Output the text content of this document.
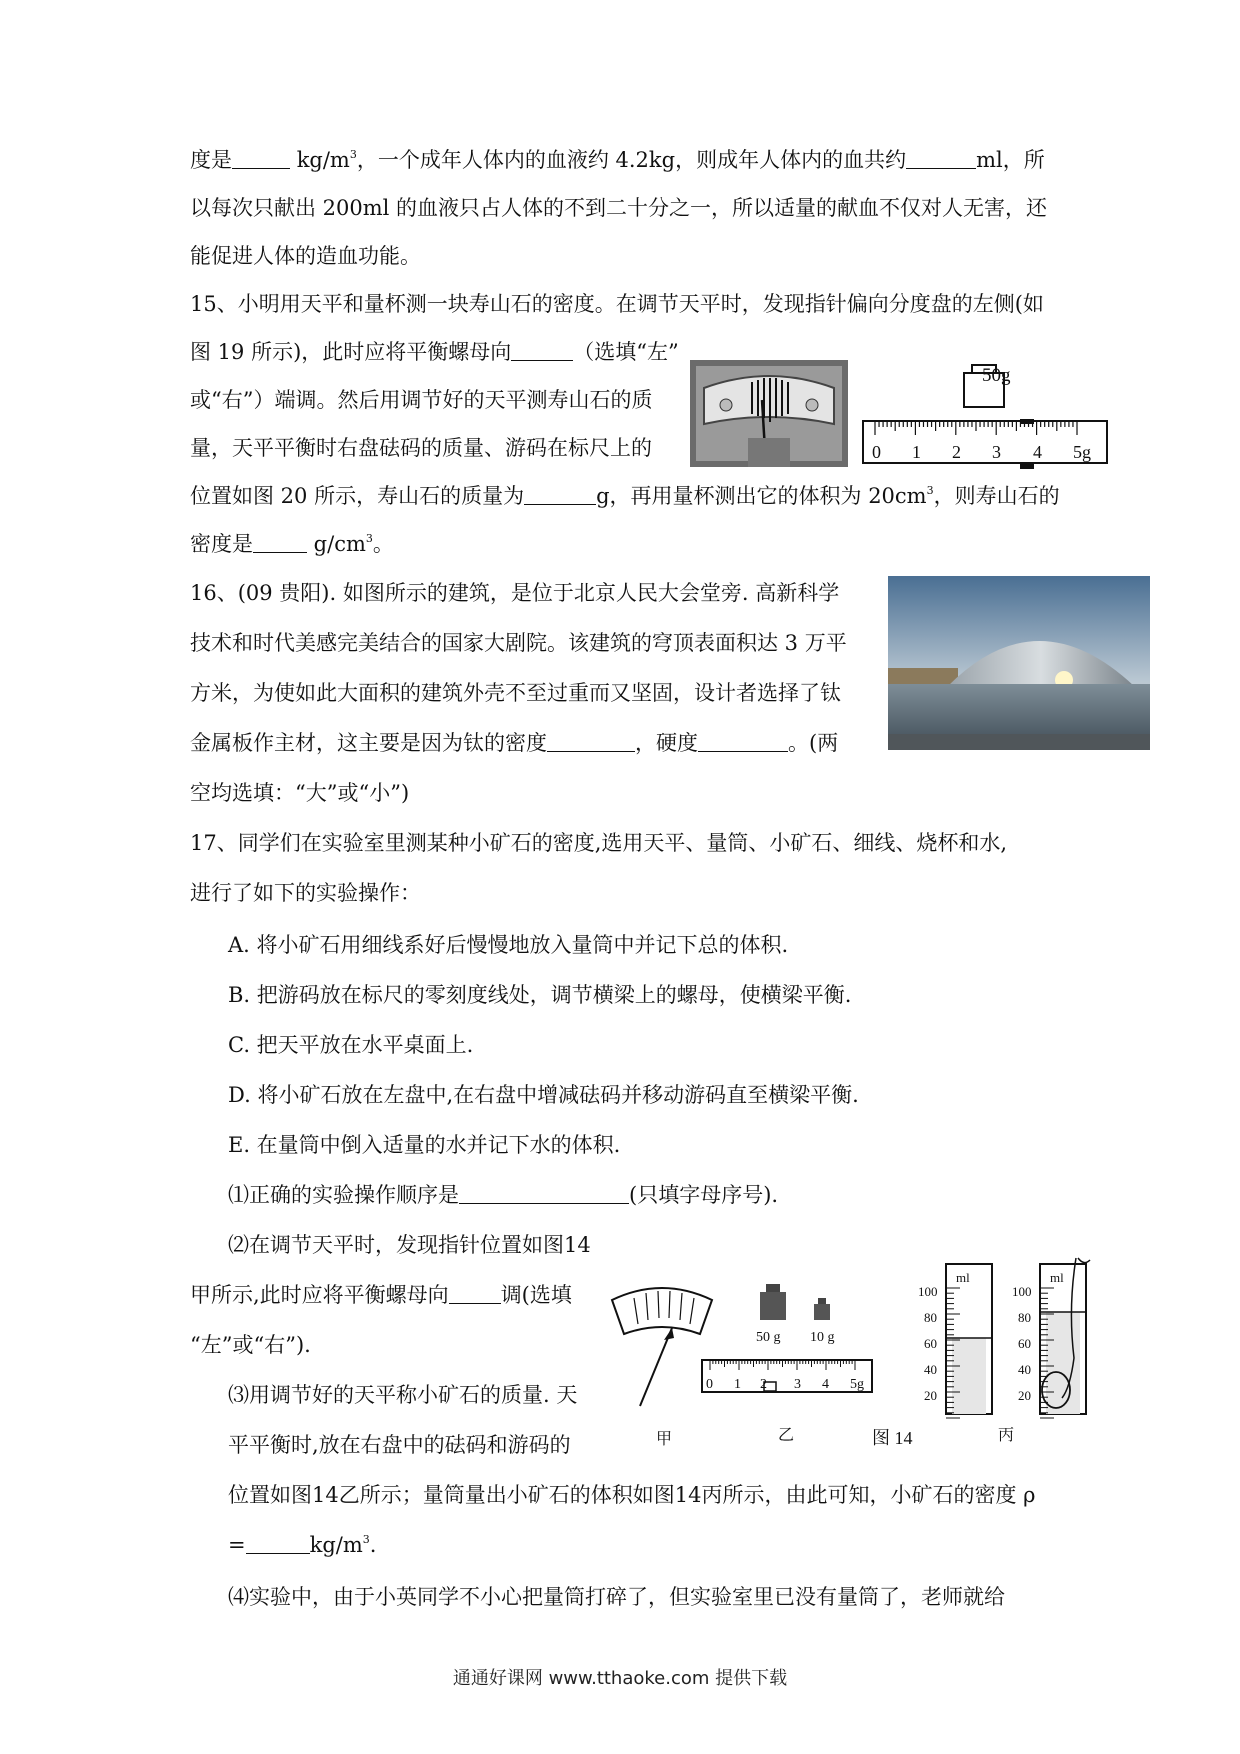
度是	$kg/m^3$，一个成年人体内的血液约 4.2kg，则成年人体内的血共约	ml，所
以每次只献出 200ml 的血液只占人体的不到二十分之一，所以适量的献血不仅对人无害，还
能促进人体的造血功能。
15、小明用天平和量杯测一块寿山石的密度。在调节天平时，发现指针偏向分度盘的左侧(如
图 19 所示)，此时应将平衡螺母向	（选填“左”
或“右”）端调。然后用调节好的天平测寿山石的质
量，天平平衡时右盘砝码的质量、游码在标尺上的
位置如图 20 所示，寿山石的质量为	g，再用量杯测出它的体积为 $20cm^3$，则寿山石的
密度是	$g/cm^3$。
50g
0 1 2 3 4 5g
16、(09 贵阳). 如图所示的建筑，是位于北京人民大会堂旁. 高新科学
技术和时代美感完美结合的国家大剧院。该建筑的穹顶表面积达 3 万平
方米，为使如此大面积的建筑外壳不至过重而又坚固，设计者选择了钛
金属板作主材，这主要是因为钛的密度	，硬度	。(两
空均选填：“大”或“小”)
17、同学们在实验室里测某种小矿石的密度,选用天平、量筒、小矿石、细线、烧杯和水,
进行了如下的实验操作：
A. 将小矿石用细线系好后慢慢地放入量筒中并记下总的体积.
B. 把游码放在标尺的零刻度线处，调节横梁上的螺母，使横梁平衡.
C. 把天平放在水平桌面上.
D. 将小矿石放在左盘中,在右盘中增减砝码并移动游码直至横梁平衡.
E. 在量筒中倒入适量的水并记下水的体积.
⑴正确的实验操作顺序是	(只填字母序号).
⑵在调节天平时，发现指针位置如图14
甲所示,此时应将平衡螺母向 调(选填
“左”或“右”).
⑶用调节好的天平称小矿石的质量. 天
平平衡时,放在右盘中的砝码和游码的
位置如图14乙所示；量筒量出小矿石的体积如图14丙所示，由此可知，小矿石的密度 ρ
=	$kg/m^3$.
⑷实验中，由于小英同学不小心把量筒打碎了，但实验室里已没有量筒了，老师就给
50 g 10 g
0 1 2 3 4 5g
ml
100
80
60
40
20
ml
100
80
60
40
20
甲	乙	图 14	丙
通通好课网 www.tthaoke.com 提供下载
